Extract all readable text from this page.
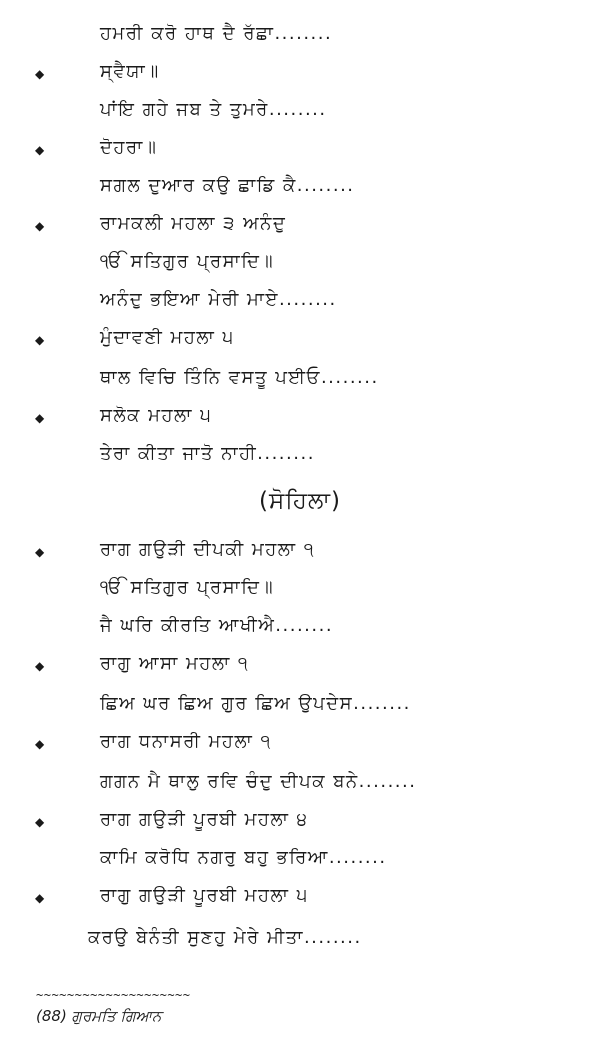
ਹਮਰੀ ਕਰੋ ਹਾਥ ਦੈ ਰੱਛਾ........
◆	ਸ੍ਵੈਯਾ॥
ਪਾਂਇ ਗਹੇ ਜਬ ਤੇ ਤੁਮਰੇ........
◆	ਦੋਹਰਾ॥
ਸਗਲ ਦੁਆਰ ਕਉ ਛਾਡਿ ਕੈ........
◆	ਰਾਮਕਲੀ ਮਹਲਾ ੩ ਅਨੰਦੁ
ੴ ਸਤਿਗੁਰ ਪ੍ਰਸਾਦਿ॥
ਅਨੰਦੁ ਭਇਆ ਮੇਰੀ ਮਾਏ........
◆	ਮੁੰਦਾਵਣੀ ਮਹਲਾ ੫
ਥਾਲ ਵਿਚਿ ਤਿੰਨਿ ਵਸਤੂ ਪਈਓ........
◆	ਸਲੋਕ ਮਹਲਾ ੫
ਤੇਰਾ ਕੀਤਾ ਜਾਤੋ ਨਾਹੀ........
(ਸੋਹਿਲਾ)
◆	ਰਾਗ ਗਉੜੀ ਦੀਪਕੀ ਮਹਲਾ ੧
ੴ ਸਤਿਗੁਰ ਪ੍ਰਸਾਦਿ॥
ਜੈ ਘਰਿ ਕੀਰਤਿ ਆਖੀਐ........
◆	ਰਾਗੁ ਆਸਾ ਮਹਲਾ ੧
ਛਿਅ ਘਰ ਛਿਅ ਗੁਰ ਛਿਅ ਉਪਦੇਸ........
◆	ਰਾਗ ਧਨਾਸਰੀ ਮਹਲਾ ੧
ਗਗਨ ਮੈ ਥਾਲੁ ਰਵਿ ਚੰਦੁ ਦੀਪਕ ਬਨੇ........
◆	ਰਾਗ ਗਉੜੀ ਪੂਰਬੀ ਮਹਲਾ ੪
ਕਾਮਿ ਕਰੋਧਿ ਨਗਰੁ ਬਹੁ ਭਰਿਆ........
◆	ਰਾਗੁ ਗਉੜੀ ਪੂਰਬੀ ਮਹਲਾ ੫
ਕਰਉ ਬੇਨੰਤੀ ਸੁਣਹੁ ਮੇਰੇ ਮੀਤਾ........
~~~~~~~~~~~~~~~~~~~~
(88) ਗੁਰਮਤਿ ਗਿਆਨ
